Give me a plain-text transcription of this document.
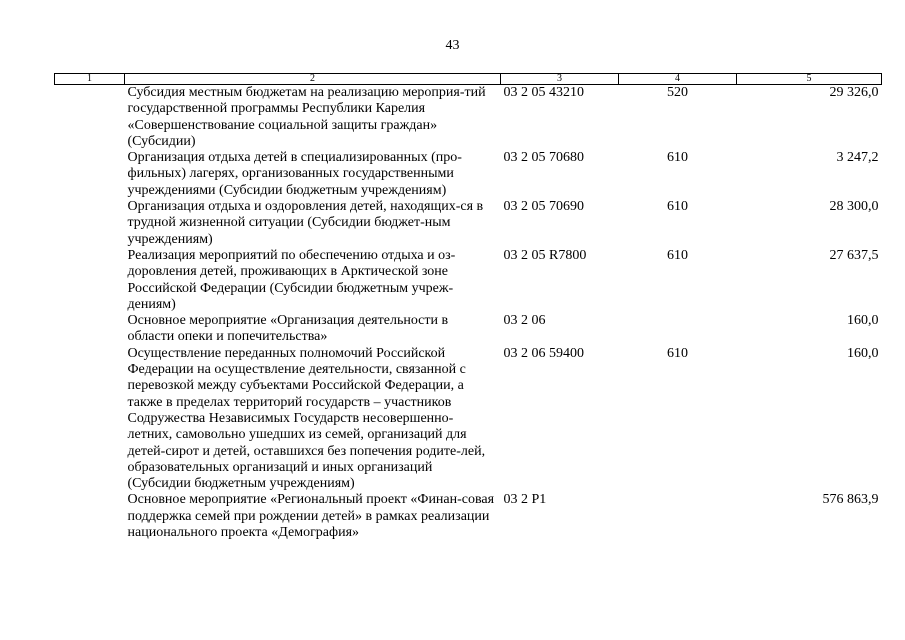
43
1	2	3	4	5
	Субсидия местным бюджетам на реализацию мероприя-тий государственной программы Республики Карелия «Совершенствование социальной защиты граждан» (Субсидии)	03 2 05 43210	520	29 326,0
	Организация отдыха детей в специализированных (про-фильных) лагерях, организованных государственными учреждениями (Субсидии бюджетным учреждениям)	03 2 05 70680	610	3 247,2
	Организация отдыха и оздоровления детей, находящих-ся в трудной жизненной ситуации (Субсидии бюджет-ным учреждениям)	03 2 05 70690	610	28 300,0
	Реализация мероприятий по обеспечению отдыха и оз-доровления детей, проживающих в Арктической зоне Российской Федерации (Субсидии бюджетным учреж-дениям)	03 2 05 R7800	610	27 637,5
	Основное мероприятие «Организация деятельности в области опеки и попечительства»	03 2 06		160,0
	Осуществление переданных полномочий Российской Федерации на осуществление деятельности, связанной с перевозкой между субъектами Российской Федерации, а также в пределах территорий государств – участников Содружества Независимых Государств несовершенно-летних, самовольно ушедших из семей, организаций для детей-сирот и детей, оставшихся без попечения родите-лей, образовательных организаций и иных организаций (Субсидии бюджетным учреждениям)	03 2 06 59400	610	160,0
	Основное мероприятие «Региональный проект «Финан-совая поддержка семей при рождении детей» в рамках реализации национального проекта «Демография»	03 2 P1		576 863,9
